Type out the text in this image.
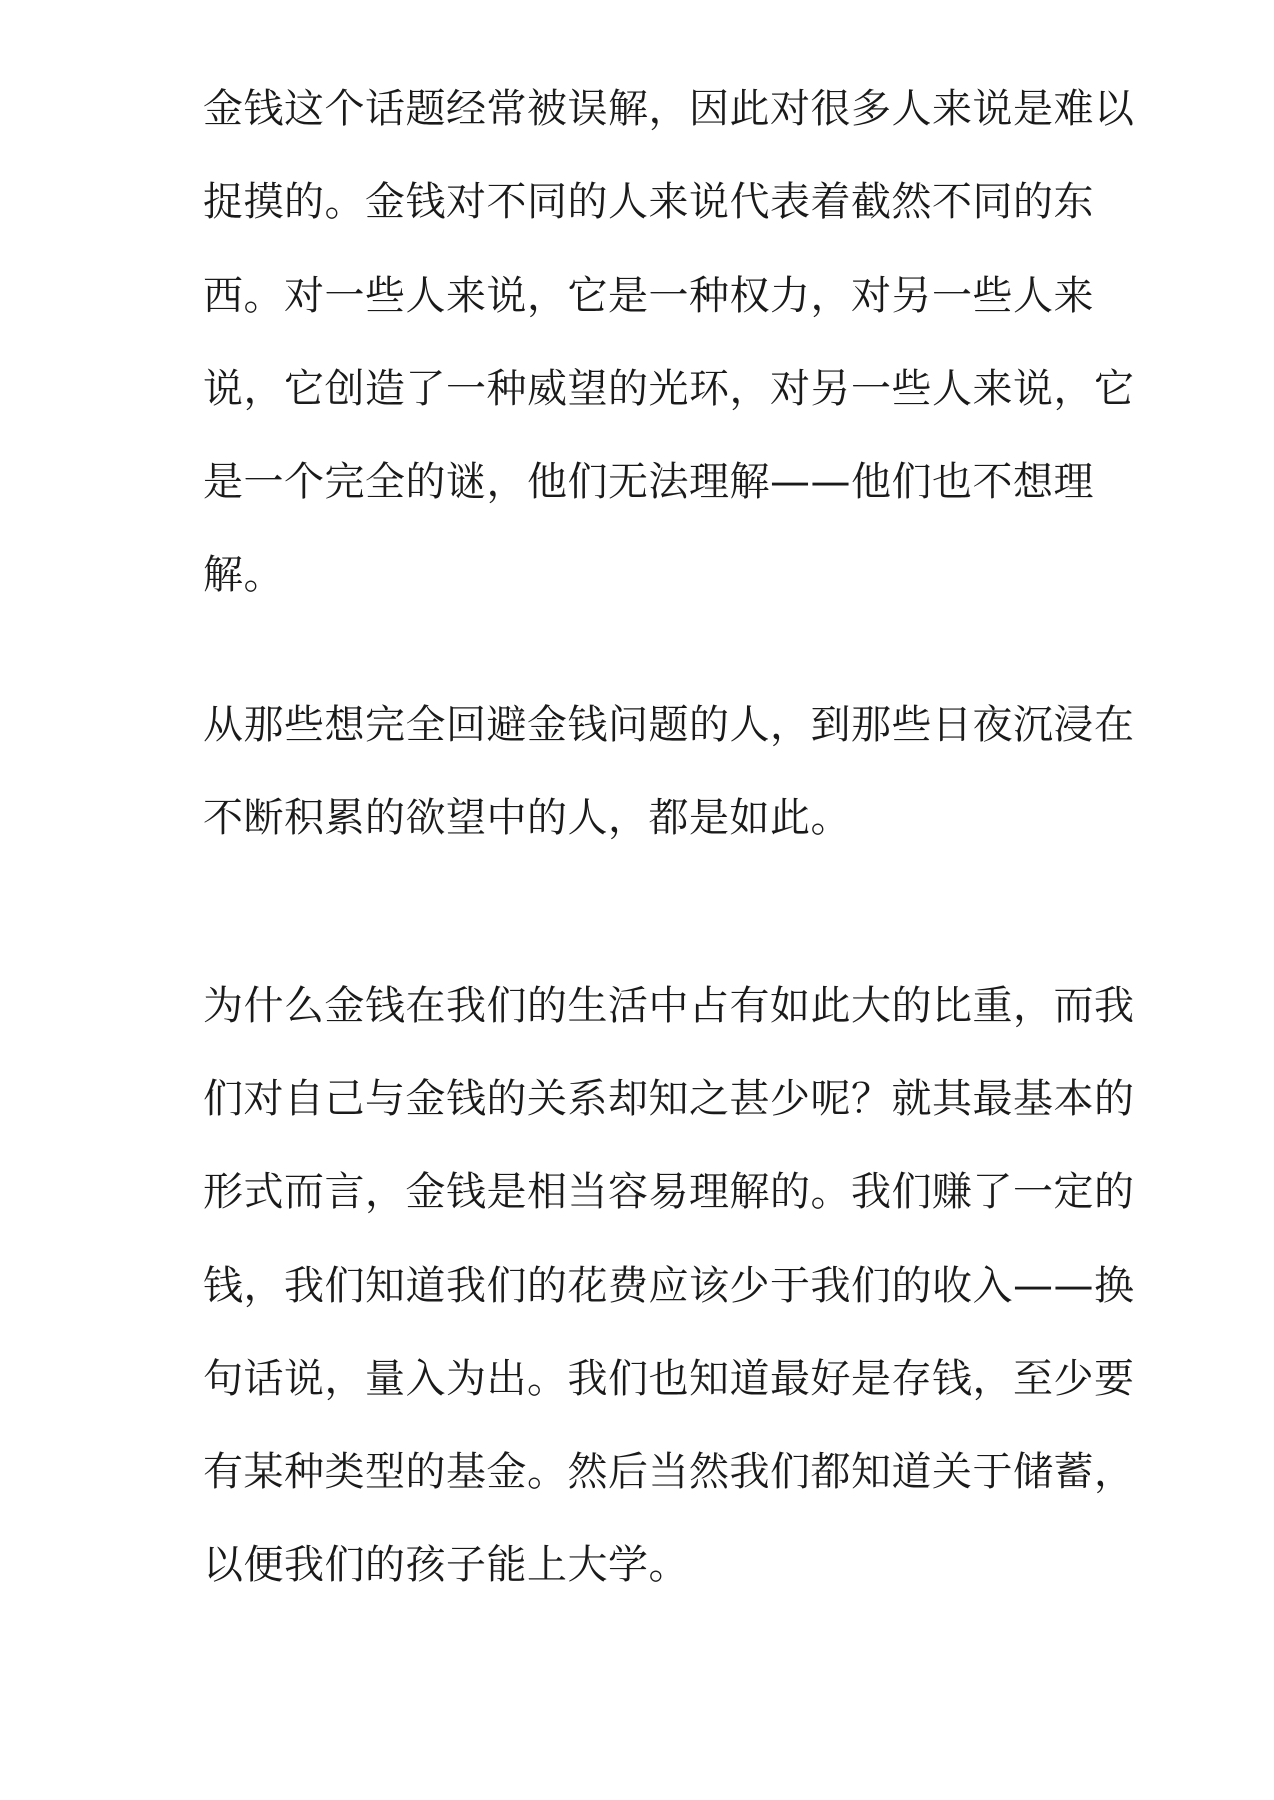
金钱这个话题经常被误解，因此对很多人来说是难以
捉摸的。金钱对不同的人来说代表着截然不同的东
西。对一些人来说，它是一种权力，对另一些人来
说，它创造了一种威望的光环，对另一些人来说，它
是一个完全的谜，他们无法理解——他们也不想理
解。
从那些想完全回避金钱问题的人，到那些日夜沉浸在
不断积累的欲望中的人，都是如此。
为什么金钱在我们的生活中占有如此大的比重，而我
们对自己与金钱的关系却知之甚少呢？就其最基本的
形式而言，金钱是相当容易理解的。我们赚了一定的
钱，我们知道我们的花费应该少于我们的收入——换
句话说，量入为出。我们也知道最好是存钱，至少要
有某种类型的基金。然后当然我们都知道关于储蓄，
以便我们的孩子能上大学。
